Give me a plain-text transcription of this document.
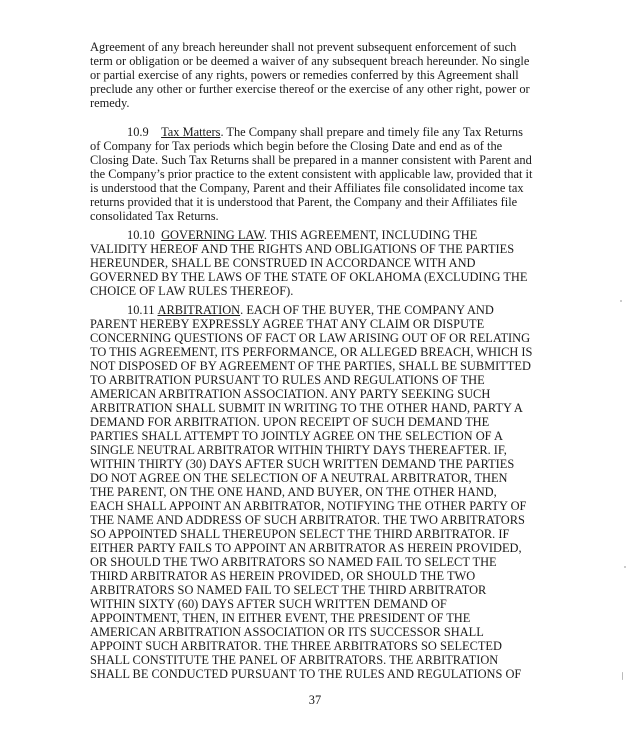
Agreement of any breach hereunder shall not prevent subsequent enforcement of such
term or obligation or be deemed a waiver of any subsequent breach hereunder. No single
or partial exercise of any rights, powers or remedies conferred by this Agreement shall
preclude any other or further exercise thereof or the exercise of any other right, power or
remedy.
10.9 Tax Matters. The Company shall prepare and timely file any Tax Returns
of Company for Tax periods which begin before the Closing Date and end as of the
Closing Date. Such Tax Returns shall be prepared in a manner consistent with Parent and
the Company’s prior practice to the extent consistent with applicable law, provided that it
is understood that the Company, Parent and their Affiliates file consolidated income tax
returns provided that it is understood that Parent, the Company and their Affiliates file
consolidated Tax Returns.
10.10 GOVERNING LAW. THIS AGREEMENT, INCLUDING THE
VALIDITY HEREOF AND THE RIGHTS AND OBLIGATIONS OF THE PARTIES
HEREUNDER, SHALL BE CONSTRUED IN ACCORDANCE WITH AND
GOVERNED BY THE LAWS OF THE STATE OF OKLAHOMA (EXCLUDING THE
CHOICE OF LAW RULES THEREOF).
10.11 ARBITRATION. EACH OF THE BUYER, THE COMPANY AND
PARENT HEREBY EXPRESSLY AGREE THAT ANY CLAIM OR DISPUTE
CONCERNING QUESTIONS OF FACT OR LAW ARISING OUT OF OR RELATING
TO THIS AGREEMENT, ITS PERFORMANCE, OR ALLEGED BREACH, WHICH IS
NOT DISPOSED OF BY AGREEMENT OF THE PARTIES, SHALL BE SUBMITTED
TO ARBITRATION PURSUANT TO RULES AND REGULATIONS OF THE
AMERICAN ARBITRATION ASSOCIATION. ANY PARTY SEEKING SUCH
ARBITRATION SHALL SUBMIT IN WRITING TO THE OTHER HAND, PARTY A
DEMAND FOR ARBITRATION. UPON RECEIPT OF SUCH DEMAND THE
PARTIES SHALL ATTEMPT TO JOINTLY AGREE ON THE SELECTION OF A
SINGLE NEUTRAL ARBITRATOR WITHIN THIRTY DAYS THEREAFTER. IF,
WITHIN THIRTY (30) DAYS AFTER SUCH WRITTEN DEMAND THE PARTIES
DO NOT AGREE ON THE SELECTION OF A NEUTRAL ARBITRATOR, THEN
THE PARENT, ON THE ONE HAND, AND BUYER, ON THE OTHER HAND,
EACH SHALL APPOINT AN ARBITRATOR, NOTIFYING THE OTHER PARTY OF
THE NAME AND ADDRESS OF SUCH ARBITRATOR. THE TWO ARBITRATORS
SO APPOINTED SHALL THEREUPON SELECT THE THIRD ARBITRATOR. IF
EITHER PARTY FAILS TO APPOINT AN ARBITRATOR AS HEREIN PROVIDED,
OR SHOULD THE TWO ARBITRATORS SO NAMED FAIL TO SELECT THE
THIRD ARBITRATOR AS HEREIN PROVIDED, OR SHOULD THE TWO
ARBITRATORS SO NAMED FAIL TO SELECT THE THIRD ARBITRATOR
WITHIN SIXTY (60) DAYS AFTER SUCH WRITTEN DEMAND OF
APPOINTMENT, THEN, IN EITHER EVENT, THE PRESIDENT OF THE
AMERICAN ARBITRATION ASSOCIATION OR ITS SUCCESSOR SHALL
APPOINT SUCH ARBITRATOR. THE THREE ARBITRATORS SO SELECTED
SHALL CONSTITUTE THE PANEL OF ARBITRATORS. THE ARBITRATION
SHALL BE CONDUCTED PURSUANT TO THE RULES AND REGULATIONS OF
37
